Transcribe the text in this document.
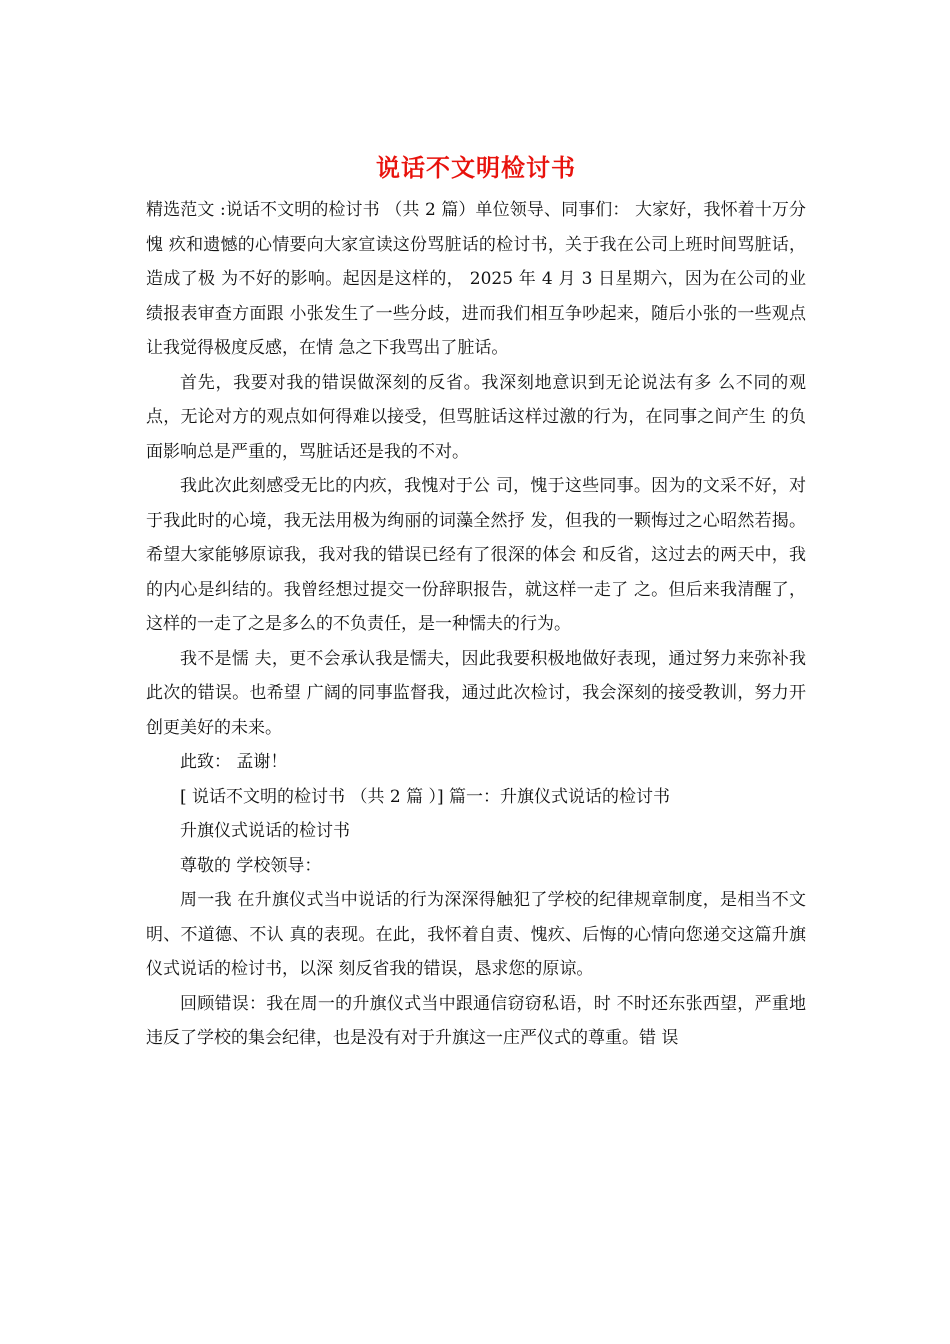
说话不文明检讨书

精选范文 :说话不文明的检讨书 （共 2 篇）单位领导、同事们： 大家好，我怀着十万分愧 疚和遗憾的心情要向大家宣读这份骂脏话的检讨书，关于我在公司上班时间骂脏话，造成了极 为不好的影响。起因是这样的， 2025 年 4 月 3 日星期六，因为在公司的业绩报表审查方面跟 小张发生了一些分歧，进而我们相互争吵起来，随后小张的一些观点让我觉得极度反感，在情 急之下我骂出了脏话。

首先，我要对我的错误做深刻的反省。我深刻地意识到无论说法有多 么不同的观点，无论对方的观点如何得难以接受，但骂脏话这样过激的行为，在同事之间产生 的负面影响总是严重的，骂脏话还是我的不对。

我此次此刻感受无比的内疚，我愧对于公 司，愧于这些同事。因为的文采不好，对于我此时的心境，我无法用极为绚丽的词藻全然抒 发，但我的一颗悔过之心昭然若揭。希望大家能够原谅我，我对我的错误已经有了很深的体会 和反省，这过去的两天中，我的内心是纠结的。我曾经想过提交一份辞职报告，就这样一走了 之。但后来我清醒了，这样的一走了之是多么的不负责任，是一种懦夫的行为。

我不是懦 夫，更不会承认我是懦夫，因此我要积极地做好表现，通过努力来弥补我此次的错误。也希望 广阔的同事监督我，通过此次检讨，我会深刻的接受教训，努力开创更美好的未来。

此致： 孟谢！

[ 说话不文明的检讨书 （共 2 篇 ）] 篇一：升旗仪式说话的检讨书

升旗仪式说话的检讨书

尊敬的 学校领导：

周一我 在升旗仪式当中说话的行为深深得触犯了学校的纪律规章制度，是相当不文明、不道德、不认 真的表现。在此，我怀着自责、愧疚、后悔的心情向您递交这篇升旗仪式说话的检讨书，以深 刻反省我的错误，恳求您的原谅。

回顾错误：我在周一的升旗仪式当中跟通信窃窃私语，时 不时还东张西望，严重地违反了学校的集会纪律，也是没有对于升旗这一庄严仪式的尊重。错 误
